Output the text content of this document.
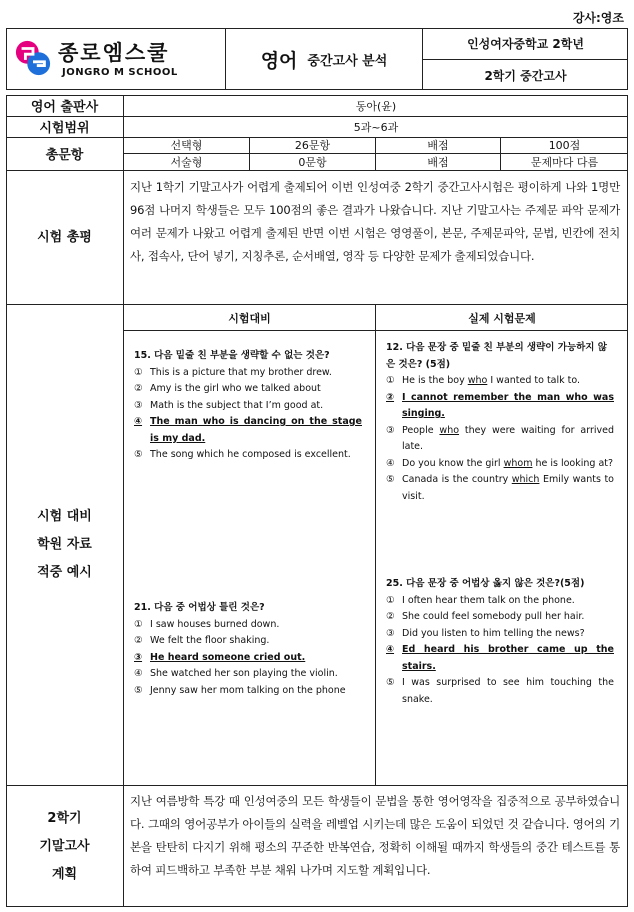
강사:영조
종로엠스쿨
JONGRO M SCHOOL
영어 중간고사 분석
인성여자중학교 2학년
2학기 중간고사
영어 출판사	동아(윤)
시험범위	5과~6과
총문항
선택형	26문항	배점	100점
서술형	0문항	배점	문제마다 다름
시험 총평
지난 1학기 기말고사가 어렵게 출제되어 이번 인성여중 2학기 중간고사시험은 평이하게 나와 1명만 96점 나머지 학생들은 모두 100점의 좋은 결과가 나왔습니다. 지난 기말고사는 주제문 파악 문제가 여러 문제가 나왔고 어렵게 출제된 반면 이번 시험은 영영풀이, 본문, 주제문파악, 문법, 빈칸에 전치사, 접속사, 단어 넣기, 지칭추론, 순서배열, 영작 등 다양한 문제가 출제되었습니다.
시험 대비
학원 자료
적중 예시
시험대비	실제 시험문제
15. 다음 밑줄 친 부분을 생략할 수 없는 것은?
① This is a picture that my brother drew.
② Amy is the girl who we talked about
③ Math is the subject that I’m good at.
④ The man who is dancing on the stage is my dad.
⑤ The song which he composed is excellent.
21. 다음 중 어법상 틀린 것은?
① I saw houses burned down.
② We felt the floor shaking.
③ He heard someone cried out.
④ She watched her son playing the violin.
⑤ Jenny saw her mom talking on the phone
12. 다음 문장 중 밑줄 친 부분의 생략이 가능하지 않은 것은? (5점)
① He is the boy who I wanted to talk to.
② I cannot remember the man who was singing.
③ People who they were waiting for arrived late.
④ Do you know the girl whom he is looking at?
⑤ Canada is the country which Emily wants to visit.
25. 다음 문장 중 어법상 옳지 않은 것은?(5점)
① I often hear them talk on the phone.
② She could feel somebody pull her hair.
③ Did you listen to him telling the news?
④ Ed heard his brother came up the stairs.
⑤ I was surprised to see him touching the snake.
2학기
기말고사
계획
지난 여름방학 특강 때 인성여중의 모든 학생들이 문법을 통한 영어영작을 집중적으로 공부하였습니다. 그때의 영어공부가 아이들의 실력을 레벨업 시키는데 많은 도움이 되었던 것 같습니다. 영어의 기본을 탄탄히 다지기 위해 평소의 꾸준한 반복연습, 정확히 이해될 때까지 학생들의 중간 테스트를 통하여 피드백하고 부족한 부분 채워 나가며 지도할 계획입니다.
